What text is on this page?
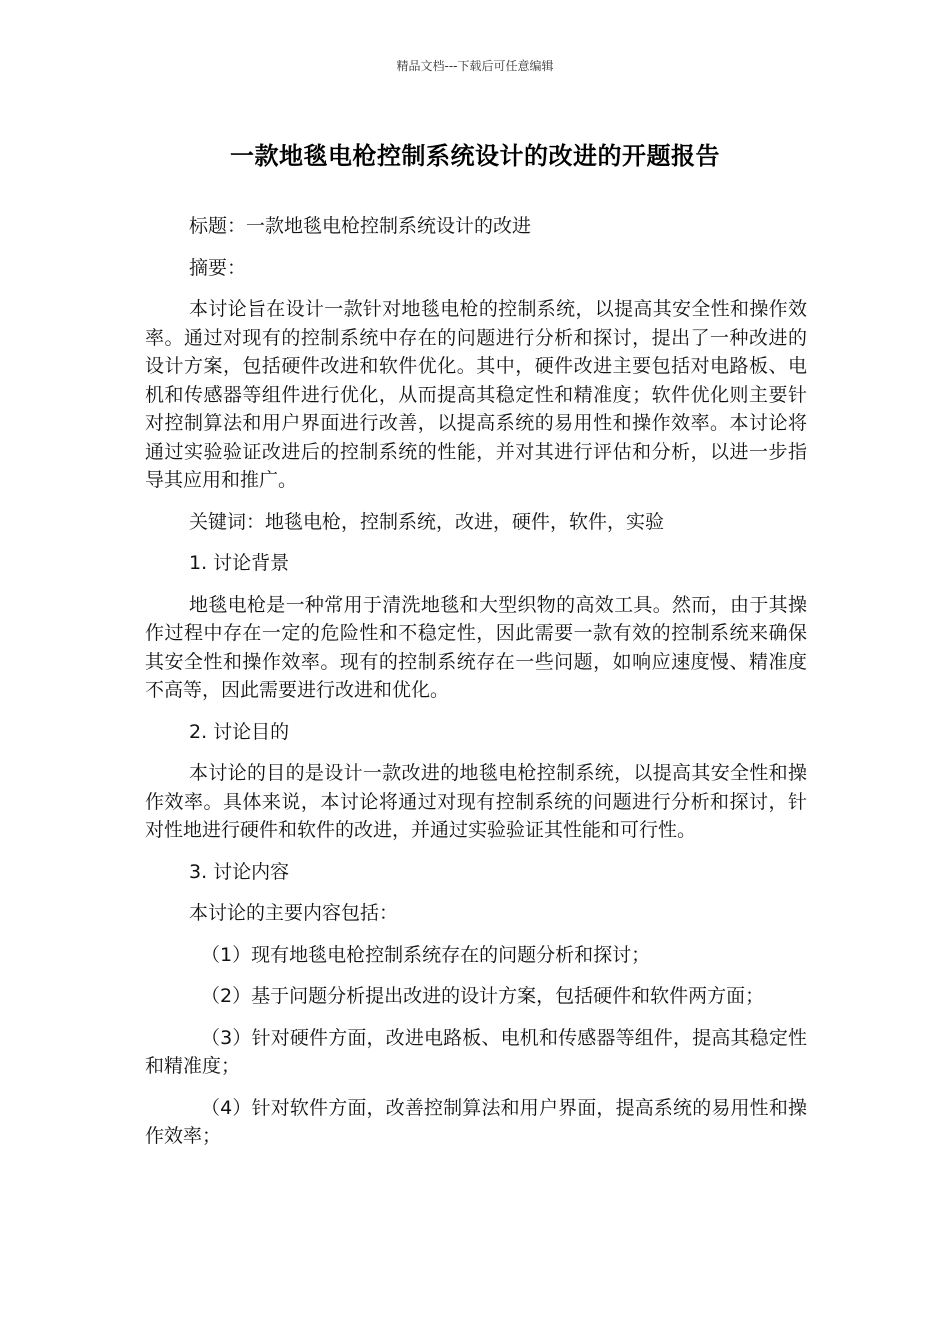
精品文档---下载后可任意编辑
一款地毯电枪控制系统设计的改进的开题报告

标题：一款地毯电枪控制系统设计的改进

摘要：

本讨论旨在设计一款针对地毯电枪的控制系统，以提高其安全性和操作效率。通过对现有的控制系统中存在的问题进行分析和探讨，提出了一种改进的设计方案，包括硬件改进和软件优化。其中，硬件改进主要包括对电路板、电机和传感器等组件进行优化，从而提高其稳定性和精准度；软件优化则主要针对控制算法和用户界面进行改善，以提高系统的易用性和操作效率。本讨论将通过实验验证改进后的控制系统的性能，并对其进行评估和分析，以进一步指导其应用和推广。

关键词：地毯电枪，控制系统，改进，硬件，软件，实验

1. 讨论背景

地毯电枪是一种常用于清洗地毯和大型织物的高效工具。然而，由于其操作过程中存在一定的危险性和不稳定性，因此需要一款有效的控制系统来确保其安全性和操作效率。现有的控制系统存在一些问题，如响应速度慢、精准度不高等，因此需要进行改进和优化。

2. 讨论目的

本讨论的目的是设计一款改进的地毯电枪控制系统，以提高其安全性和操作效率。具体来说，本讨论将通过对现有控制系统的问题进行分析和探讨，针对性地进行硬件和软件的改进，并通过实验验证其性能和可行性。

3. 讨论内容

本讨论的主要内容包括：

（1）现有地毯电枪控制系统存在的问题分析和探讨；

（2）基于问题分析提出改进的设计方案，包括硬件和软件两方面；

（3）针对硬件方面，改进电路板、电机和传感器等组件，提高其稳定性和精准度；

（4）针对软件方面，改善控制算法和用户界面，提高系统的易用性和操作效率；
